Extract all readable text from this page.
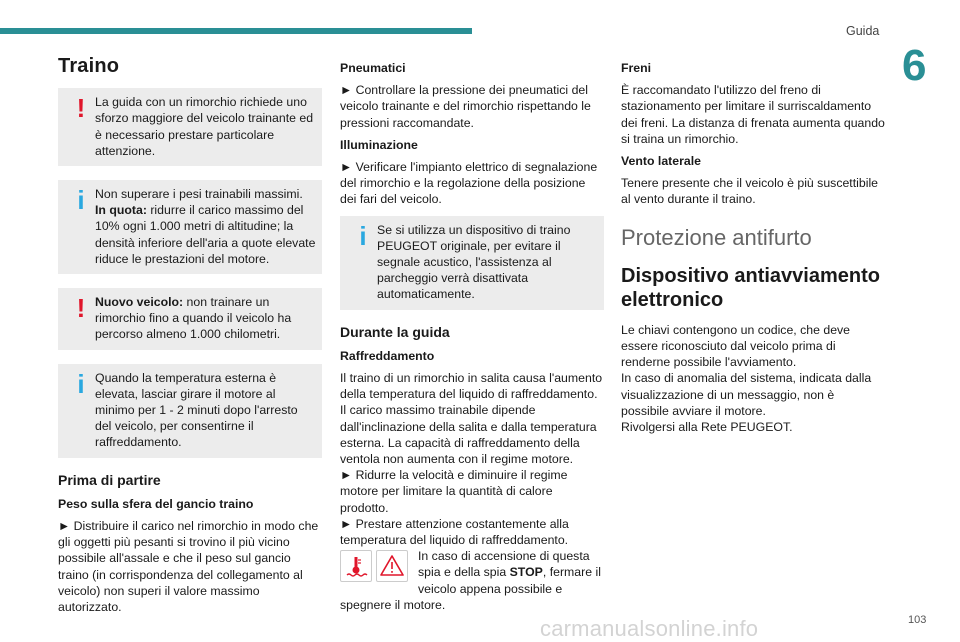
Guida
6
Traino
! La guida con un rimorchio richiede uno sforzo maggiore del veicolo trainante ed è necessario prestare particolare attenzione.
i Non superare i pesi trainabili massimi.
In quota: ridurre il carico massimo del 10% ogni 1.000 metri di altitudine; la densità inferiore dell'aria a quote elevate riduce le prestazioni del motore.
! Nuovo veicolo: non trainare un rimorchio fino a quando il veicolo ha percorso almeno 1.000 chilometri.
i Quando la temperatura esterna è elevata, lasciar girare il motore al minimo per 1 - 2 minuti dopo l'arresto del veicolo, per consentirne il raffreddamento.
Prima di partire
Peso sulla sfera del gancio traino

► Distribuire il carico nel rimorchio in modo che gli oggetti più pesanti si trovino il più vicino possibile all'assale e che il peso sul gancio traino (in corrispondenza del collegamento al veicolo) non superi il valore massimo autorizzato.

Pneumatici

► Controllare la pressione dei pneumatici del veicolo trainante e del rimorchio rispettando le pressioni raccomandate.

Illuminazione

► Verificare l'impianto elettrico di segnalazione del rimorchio e la regolazione della posizione dei fari del veicolo.

i Se si utilizza un dispositivo di traino PEUGEOT originale, per evitare il segnale acustico, l'assistenza al parcheggio verrà disattivata automaticamente.
Durante la guida
Raffreddamento

Il traino di un rimorchio in salita causa l'aumento della temperatura del liquido di raffreddamento.

Il carico massimo trainabile dipende dall'inclinazione della salita e dalla temperatura esterna. La capacità di raffreddamento della ventola non aumenta con il regime motore.

► Ridurre la velocità e diminuire il regime motore per limitare la quantità di calore prodotto.

► Prestare attenzione costantemente alla temperatura del liquido di raffreddamento.

In caso di accensione di questa spia e della spia STOP, fermare il veicolo appena possibile e spegnere il motore.

Freni

È raccomandato l'utilizzo del freno di stazionamento per limitare il surriscaldamento dei freni. La distanza di frenata aumenta quando si traina un rimorchio.

Vento laterale

Tenere presente che il veicolo è più suscettibile al vento durante il traino.

Protezione antifurto
Dispositivo antiavviamento elettronico

Le chiavi contengono un codice, che deve essere riconosciuto dal veicolo prima di renderne possibile l'avviamento.

In caso di anomalia del sistema, indicata dalla visualizzazione di un messaggio, non è possibile avviare il motore.

Rivolgersi alla Rete PEUGEOT.

carmanualsonline.info	103
